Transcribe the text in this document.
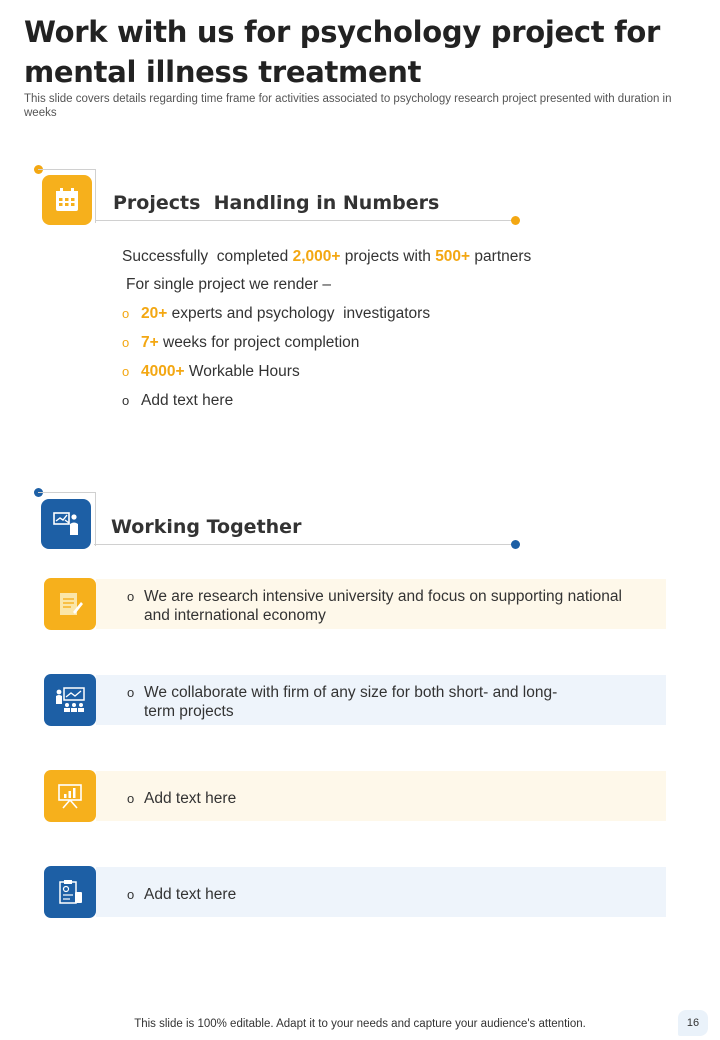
Work with us for psychology project for mental illness treatment
This slide covers details regarding time frame for activities associated to psychology research project presented with duration in weeks
Projects  Handling in Numbers
Successfully  completed 2,000+ projects with 500+ partners
For single project we render –
o 20+ experts and psychology  investigators
o 7+ weeks for project completion
o 4000+ Workable Hours
o Add text here
Working Together
o We are research intensive university and focus on supporting national and international economy
o We collaborate with firm of any size for both short- and long-term projects
o Add text here
o Add text here
This slide is 100% editable. Adapt it to your needs and capture your audience's attention.	16
